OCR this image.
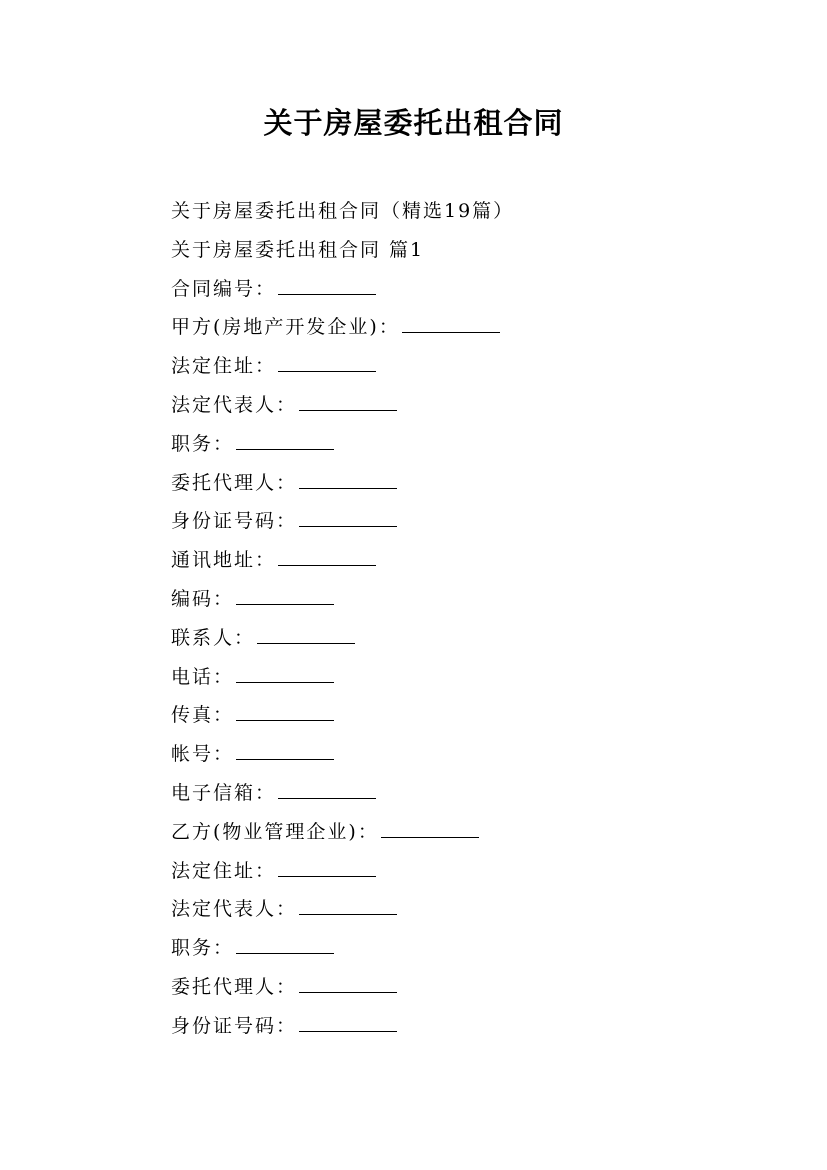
关于房屋委托出租合同
关于房屋委托出租合同（精选19篇）
关于房屋委托出租合同 篇1
合同编号：
甲方(房地产开发企业)：
法定住址：
法定代表人：
职务：
委托代理人：
身份证号码：
通讯地址：
编码：
联系人：
电话：
传真：
帐号：
电子信箱：
乙方(物业管理企业)：
法定住址：
法定代表人：
职务：
委托代理人：
身份证号码：
